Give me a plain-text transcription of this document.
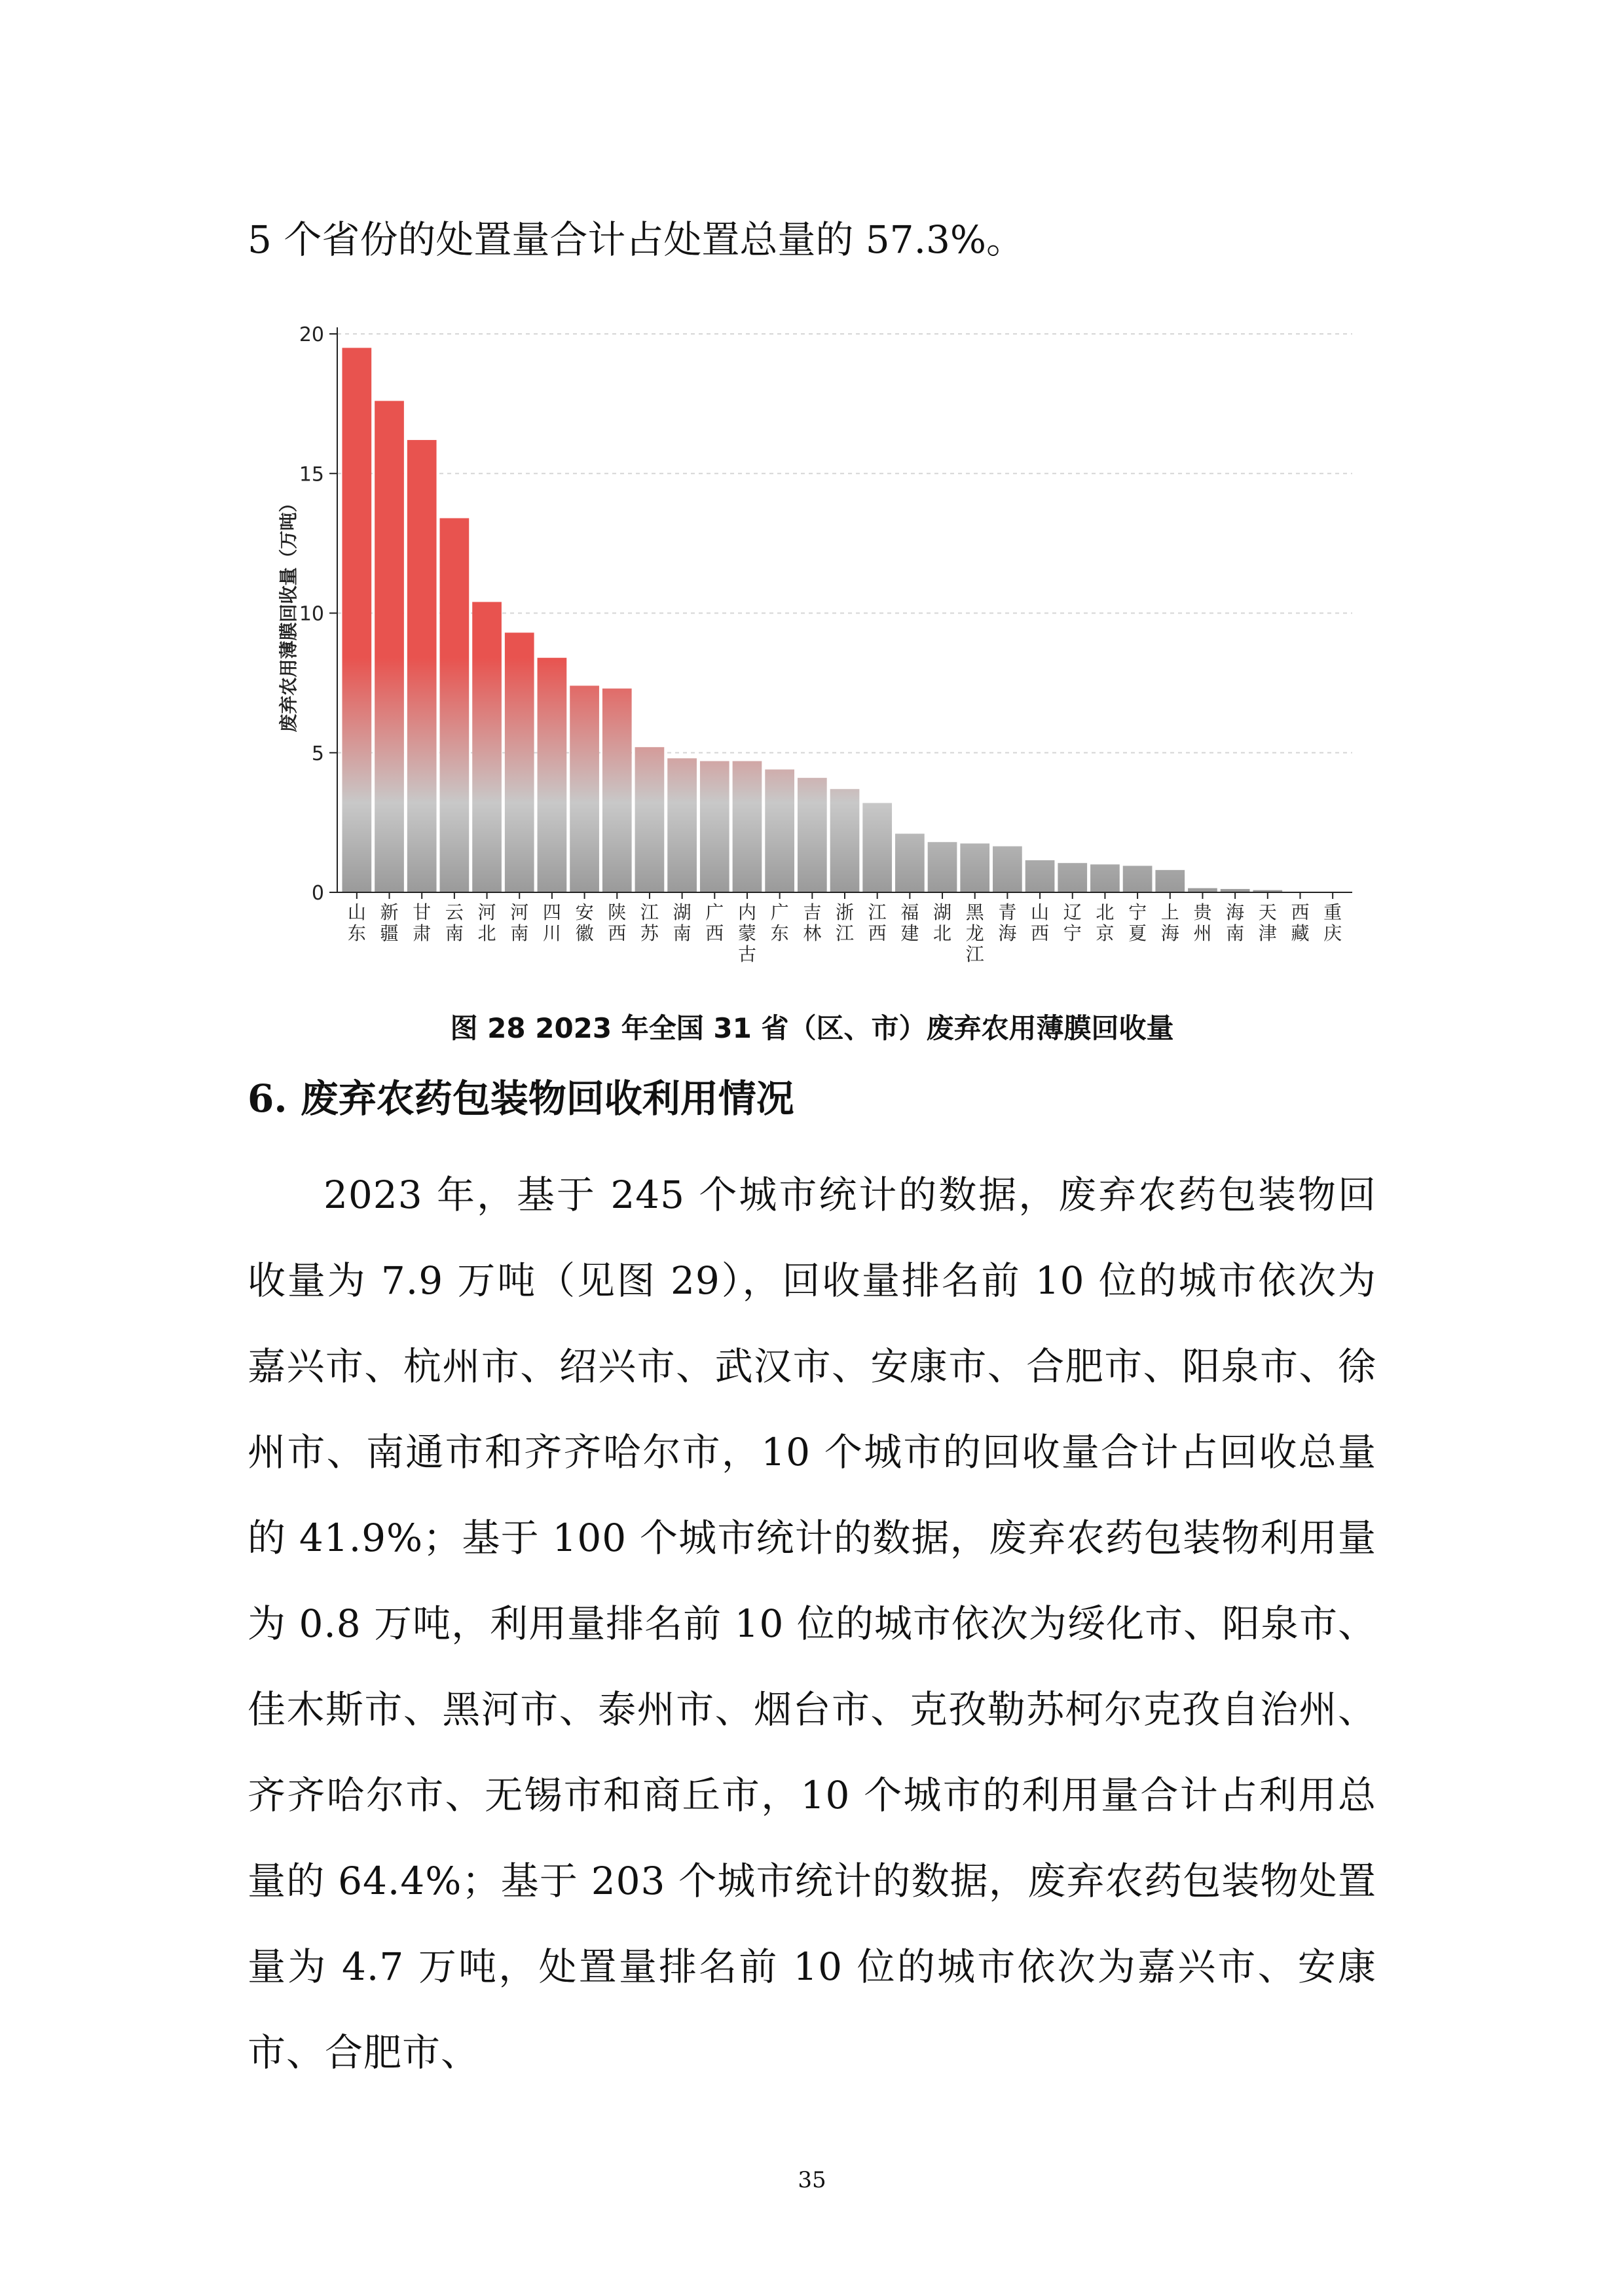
5 个省份的处置量合计占处置总量的 57.3%。
0
5
10
15
20
废弃农用薄膜回收量（万吨）
山东
新疆
甘肃
云南
河北
河南
四川
安徽
陕西
江苏
湖南
广西
内蒙古
广东
吉林
浙江
江西
福建
湖北
黑龙江
青海
山西
辽宁
北京
宁夏
上海
贵州
海南
天津
西藏
重庆
图 28 2023 年全国 31 省（区、市）废弃农用薄膜回收量
6. 废弃农药包装物回收利用情况

2023 年，基于 245 个城市统计的数据，废弃农药包装物回收量为 7.9 万吨（见图 29），回收量排名前 10 位的城市依次为嘉兴市、杭州市、绍兴市、武汉市、安康市、合肥市、阳泉市、徐州市、南通市和齐齐哈尔市，10 个城市的回收量合计占回收总量的 41.9%；基于 100 个城市统计的数据，废弃农药包装物利用量为 0.8 万吨，利用量排名前 10 位的城市依次为绥化市、阳泉市、佳木斯市、黑河市、泰州市、烟台市、克孜勒苏柯尔克孜自治州、齐齐哈尔市、无锡市和商丘市，10 个城市的利用量合计占利用总量的 64.4%；基于 203 个城市统计的数据，废弃农药包装物处置量为 4.7 万吨，处置量排名前 10 位的城市依次为嘉兴市、安康市、合肥市、

35
